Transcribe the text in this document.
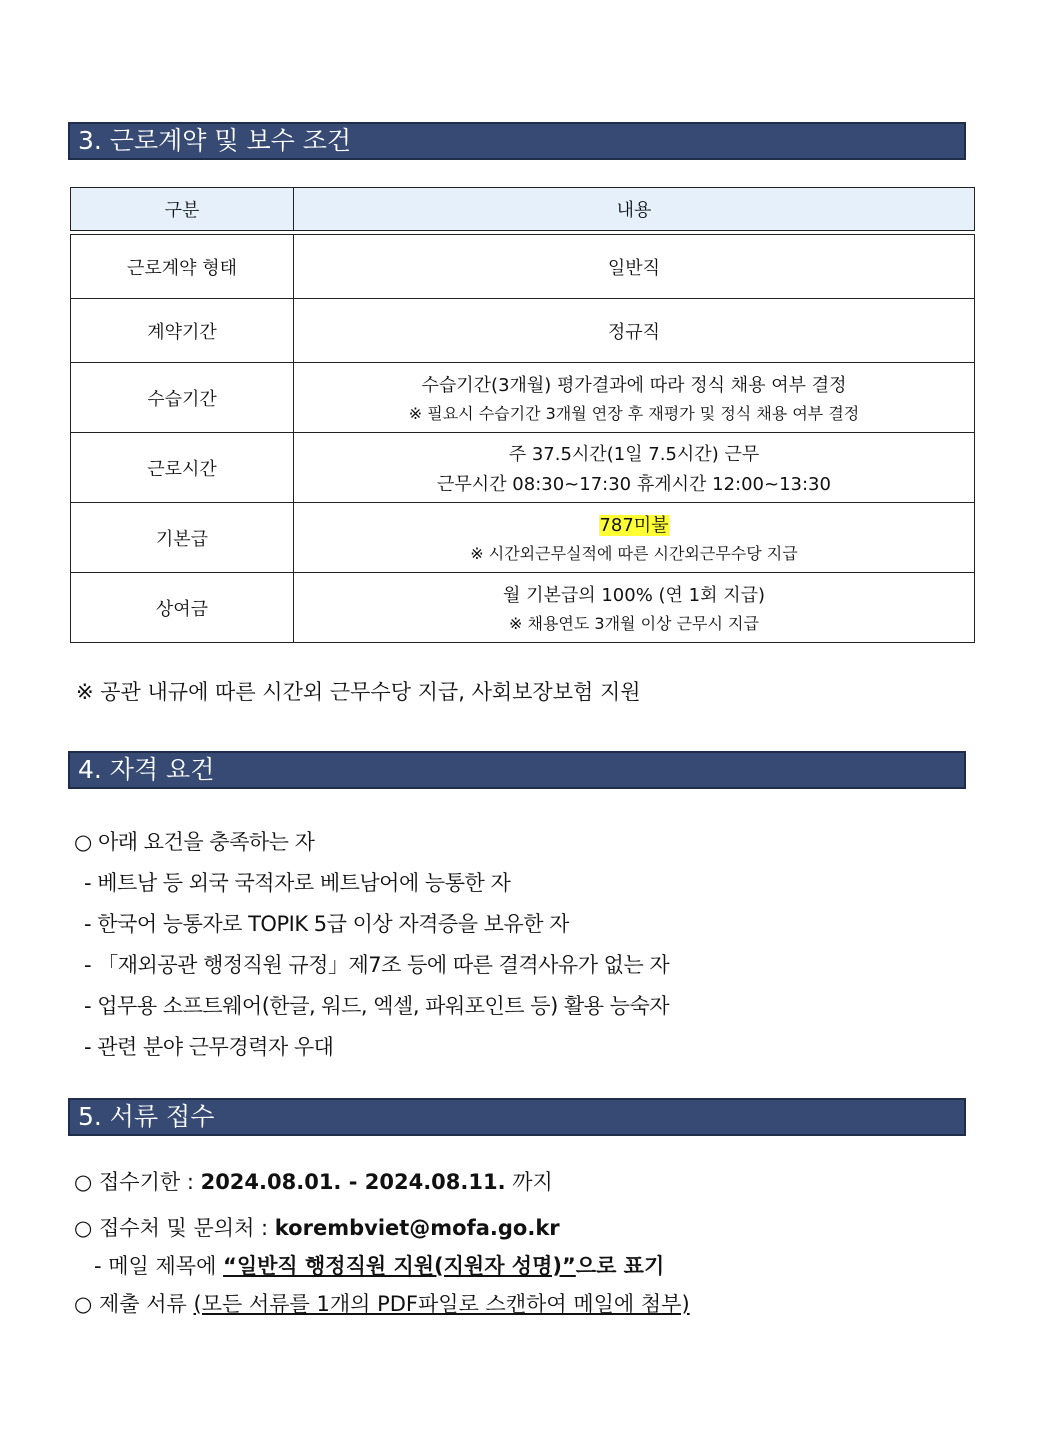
3. 근로계약 및 보수 조건
구분	내용
근로계약 형태	일반직
계약기간	정규직
수습기간	수습기간(3개월) 평가결과에 따라 정식 채용 여부 결정
※ 필요시 수습기간 3개월 연장 후 재평가 및 정식 채용 여부 결정

근로시간	주 37.5시간(1일 7.5시간) 근무
근무시간 08:30~17:30 휴게시간 12:00~13:30

기본급	787미불
※ 시간외근무실적에 따른 시간외근무수당 지급

상여금	월 기본급의 100% (연 1회 지급)
※ 채용연도 3개월 이상 근무시 지급
※ 공관 내규에 따른 시간외 근무수당 지급, 사회보장보험 지원
4. 자격 요건
○ 아래 요건을 충족하는 자
- 베트남 등 외국 국적자로 베트남어에 능통한 자
- 한국어 능통자로 TOPIK 5급 이상 자격증을 보유한 자
- 「재외공관 행정직원 규정」제7조 등에 따른 결격사유가 없는 자
- 업무용 소프트웨어(한글, 워드, 엑셀, 파워포인트 등) 활용 능숙자
- 관련 분야 근무경력자 우대
5. 서류 접수
○ 접수기한 : 2024.08.01. - 2024.08.11. 까지
○ 접수처 및 문의처 : korembviet@mofa.go.kr
- 메일 제목에 “일반직 행정직원 지원(지원자 성명)”으로 표기
○ 제출 서류 (모든 서류를 1개의 PDF파일로 스캔하여 메일에 첨부)
